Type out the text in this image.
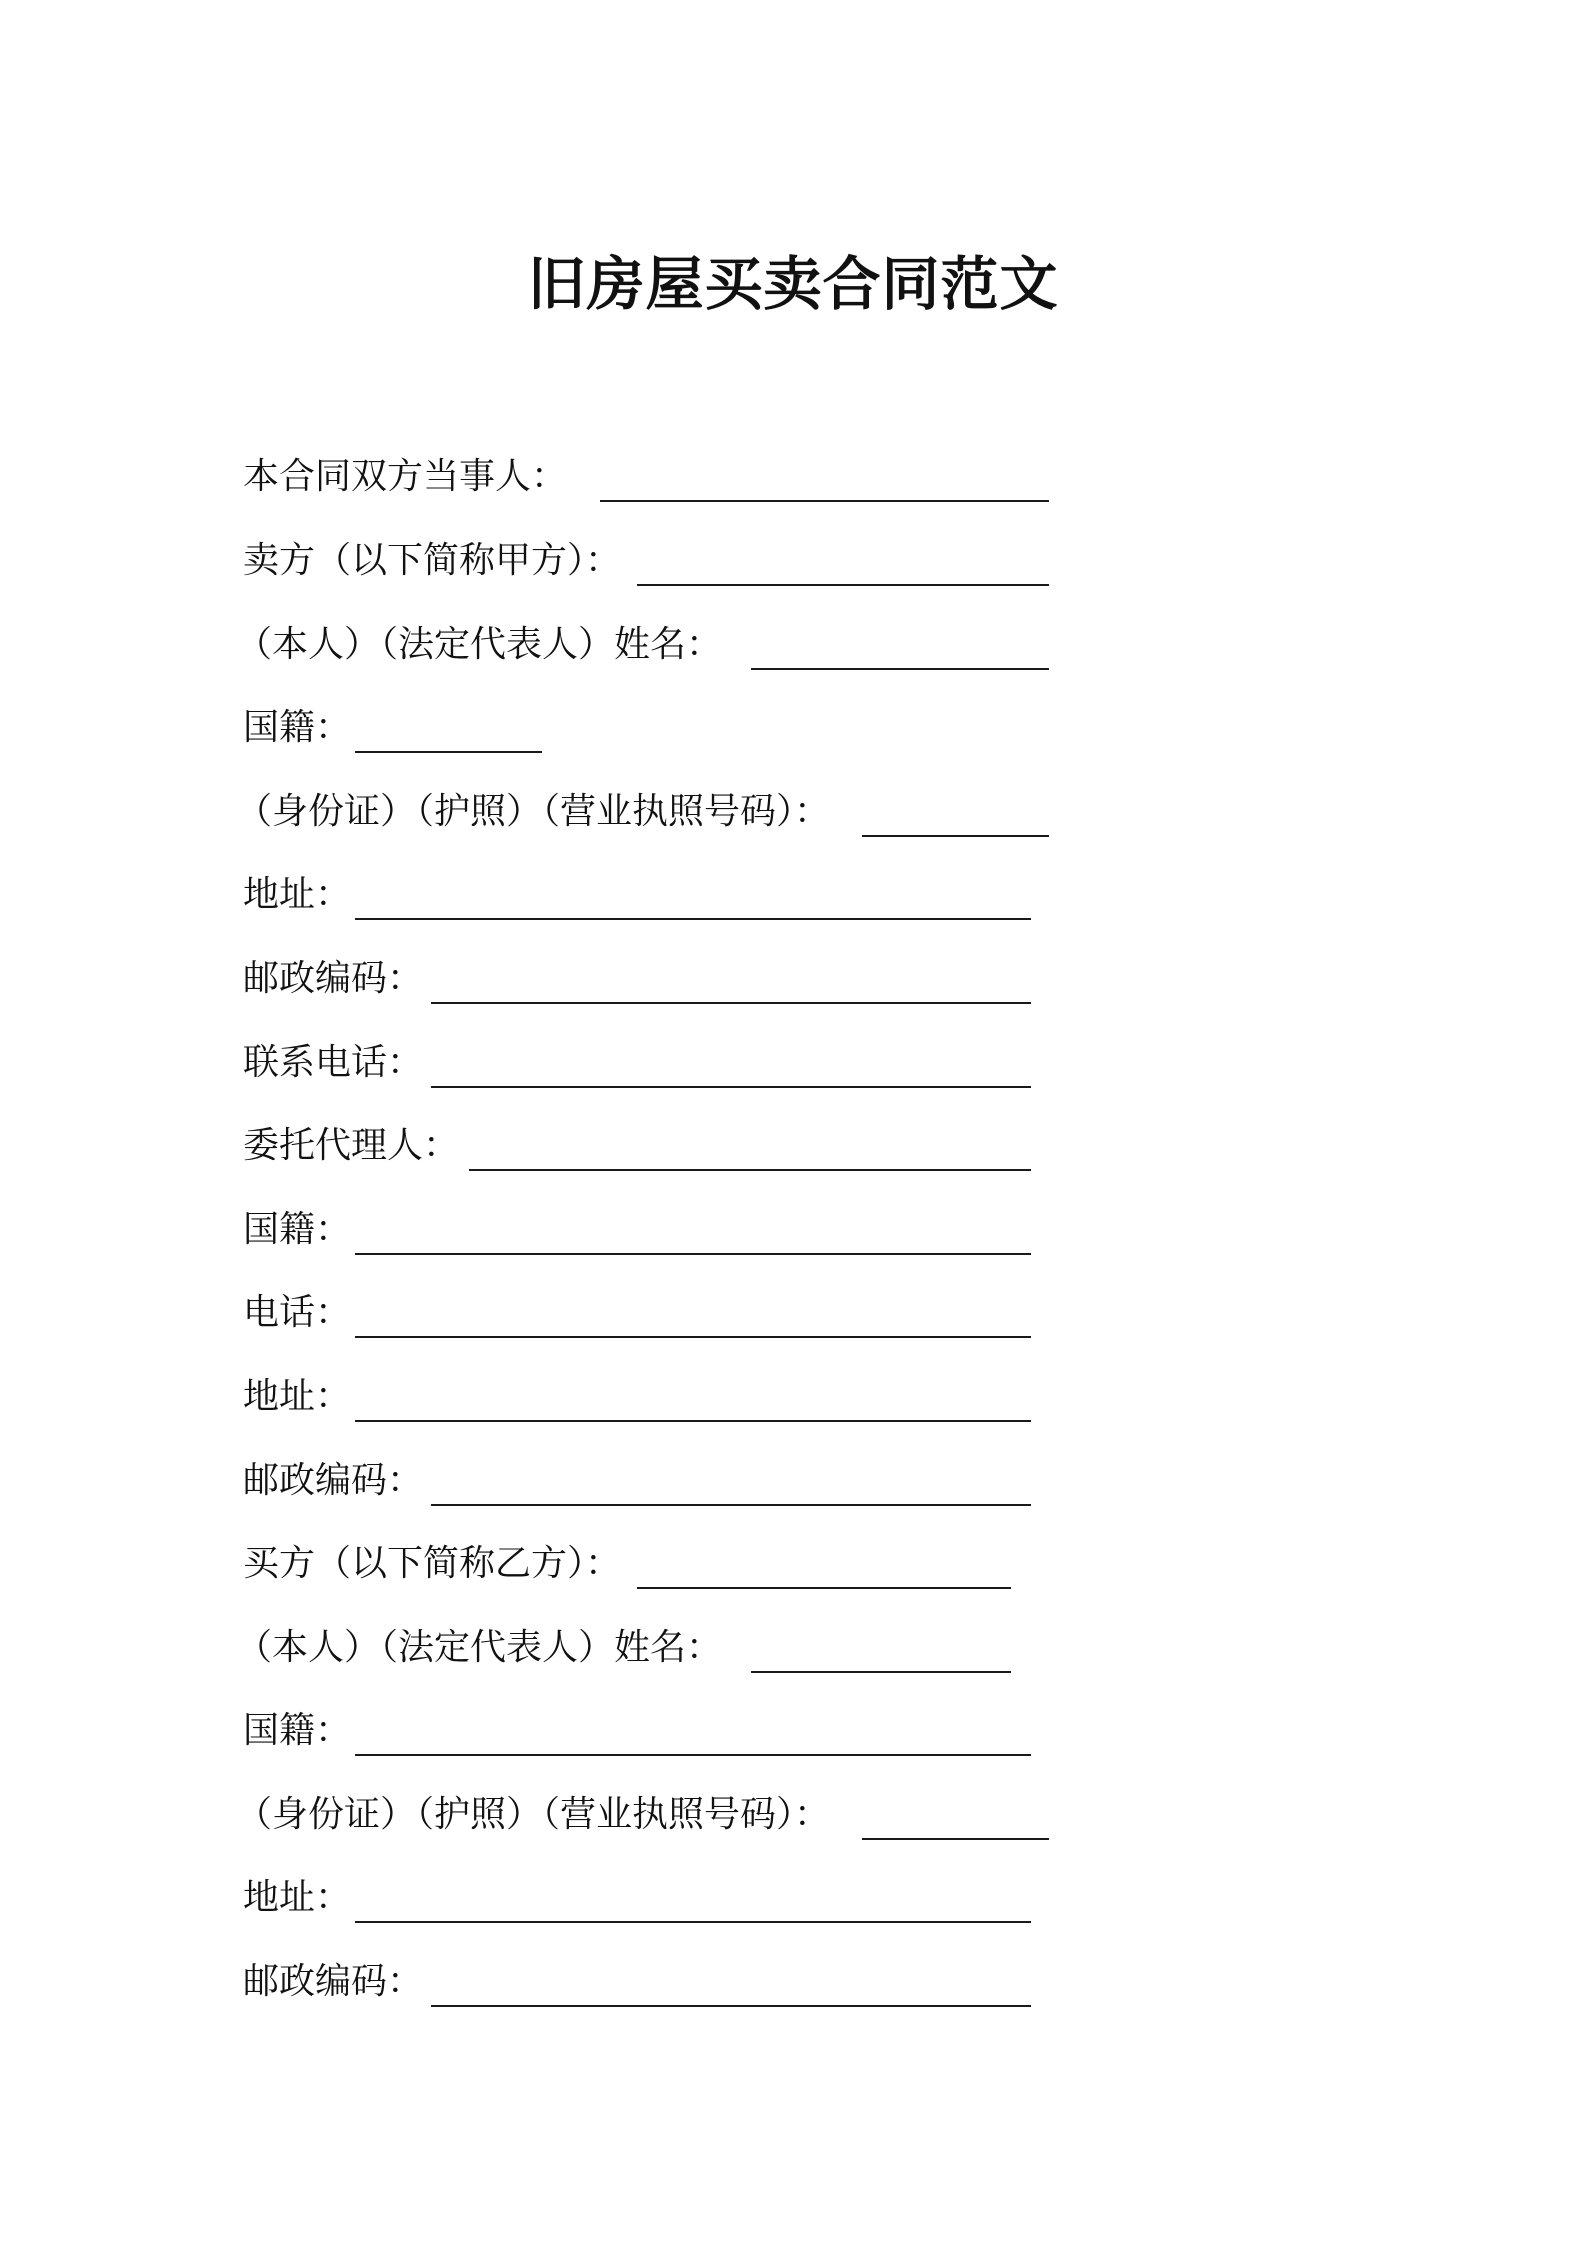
旧房屋买卖合同范文
本合同双方当事人：
卖方（以下简称甲方）：
（本人）（法定代表人）姓名：
国籍：
（身份证）（护照）（营业执照号码）：
地址：
邮政编码：
联系电话：
委托代理人：
国籍：
电话：
地址：
邮政编码：
买方（以下简称乙方）：
（本人）（法定代表人）姓名：
国籍：
（身份证）（护照）（营业执照号码）：
地址：
邮政编码：
